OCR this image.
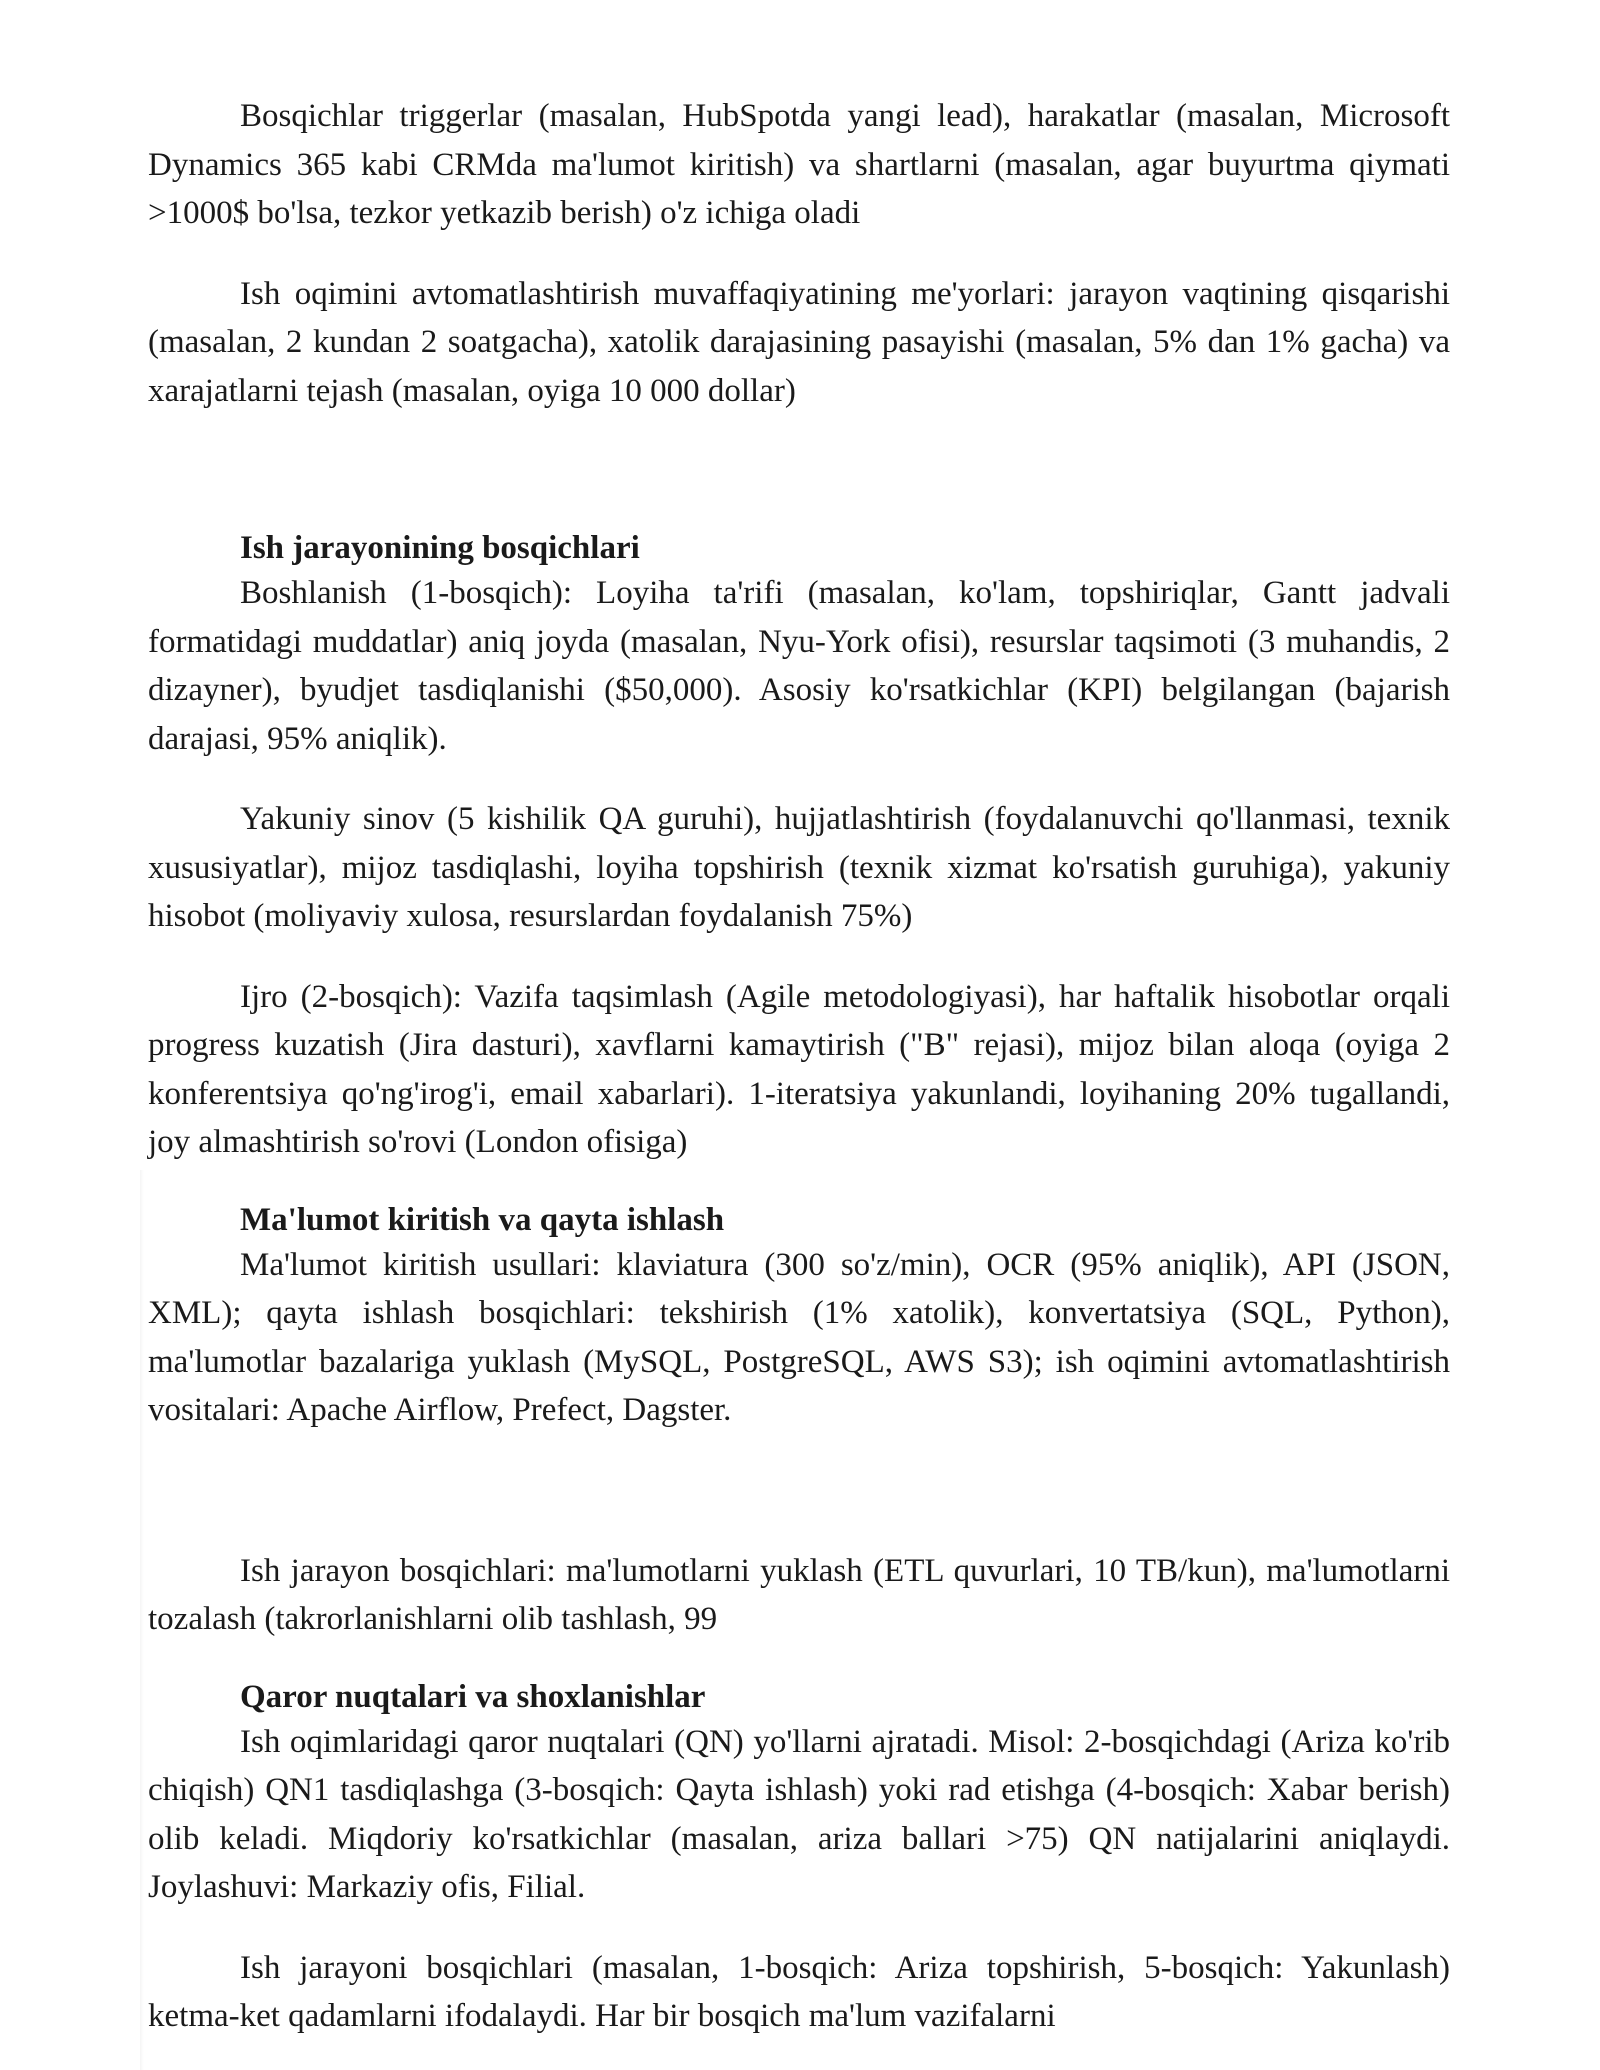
Bosqichlar triggerlar (masalan, HubSpotda yangi lead), harakatlar (masalan, Microsoft Dynamics 365 kabi CRMda ma'lumot kiritish) va shartlarni (masalan, agar buyurtma qiymati >1000$ bo'lsa, tezkor yetkazib berish) o'z ichiga oladi

Ish oqimini avtomatlashtirish muvaffaqiyatining me'yorlari: jarayon vaqtining qisqarishi (masalan, 2 kundan 2 soatgacha), xatolik darajasining pasayishi (masalan, 5% dan 1% gacha) va xarajatlarni tejash (masalan, oyiga 10 000 dollar)

Ish jarayonining bosqichlari

Boshlanish (1-bosqich): Loyiha ta'rifi (masalan, ko'lam, topshiriqlar, Gantt jadvali formatidagi muddatlar) aniq joyda (masalan, Nyu-York ofisi), resurslar taqsimoti (3 muhandis, 2 dizayner), byudjet tasdiqlanishi ($50,000). Asosiy ko'rsatkichlar (KPI) belgilangan (bajarish darajasi, 95% aniqlik).

Yakuniy sinov (5 kishilik QA guruhi), hujjatlashtirish (foydalanuvchi qo'llanmasi, texnik xususiyatlar), mijoz tasdiqlashi, loyiha topshirish (texnik xizmat ko'rsatish guruhiga), yakuniy hisobot (moliyaviy xulosa, resurslardan foydalanish 75%)

Ijro (2-bosqich): Vazifa taqsimlash (Agile metodologiyasi), har haftalik hisobotlar orqali progress kuzatish (Jira dasturi), xavflarni kamaytirish ("B" rejasi), mijoz bilan aloqa (oyiga 2 konferentsiya qo'ng'irog'i, email xabarlari). 1-iteratsiya yakunlandi, loyihaning 20% tugallandi, joy almashtirish so'rovi (London ofisiga)

Ma'lumot kiritish va qayta ishlash

Ma'lumot kiritish usullari: klaviatura (300 so'z/min), OCR (95% aniqlik), API (JSON, XML); qayta ishlash bosqichlari: tekshirish (1% xatolik), konvertatsiya (SQL, Python), ma'lumotlar bazalariga yuklash (MySQL, PostgreSQL, AWS S3); ish oqimini avtomatlashtirish vositalari: Apache Airflow, Prefect, Dagster.

Ish jarayon bosqichlari: ma'lumotlarni yuklash (ETL quvurlari, 10 TB/kun), ma'lumotlarni tozalash (takrorlanishlarni olib tashlash, 99

Qaror nuqtalari va shoxlanishlar

Ish oqimlaridagi qaror nuqtalari (QN) yo'llarni ajratadi. Misol: 2-bosqichdagi (Ariza ko'rib chiqish) QN1 tasdiqlashga (3-bosqich: Qayta ishlash) yoki rad etishga (4-bosqich: Xabar berish) olib keladi. Miqdoriy ko'rsatkichlar (masalan, ariza ballari >75) QN natijalarini aniqlaydi. Joylashuvi: Markaziy ofis, Filial.

Ish jarayoni bosqichlari (masalan, 1-bosqich: Ariza topshirish, 5-bosqich: Yakunlash) ketma-ket qadamlarni ifodalaydi. Har bir bosqich ma'lum vazifalarni
